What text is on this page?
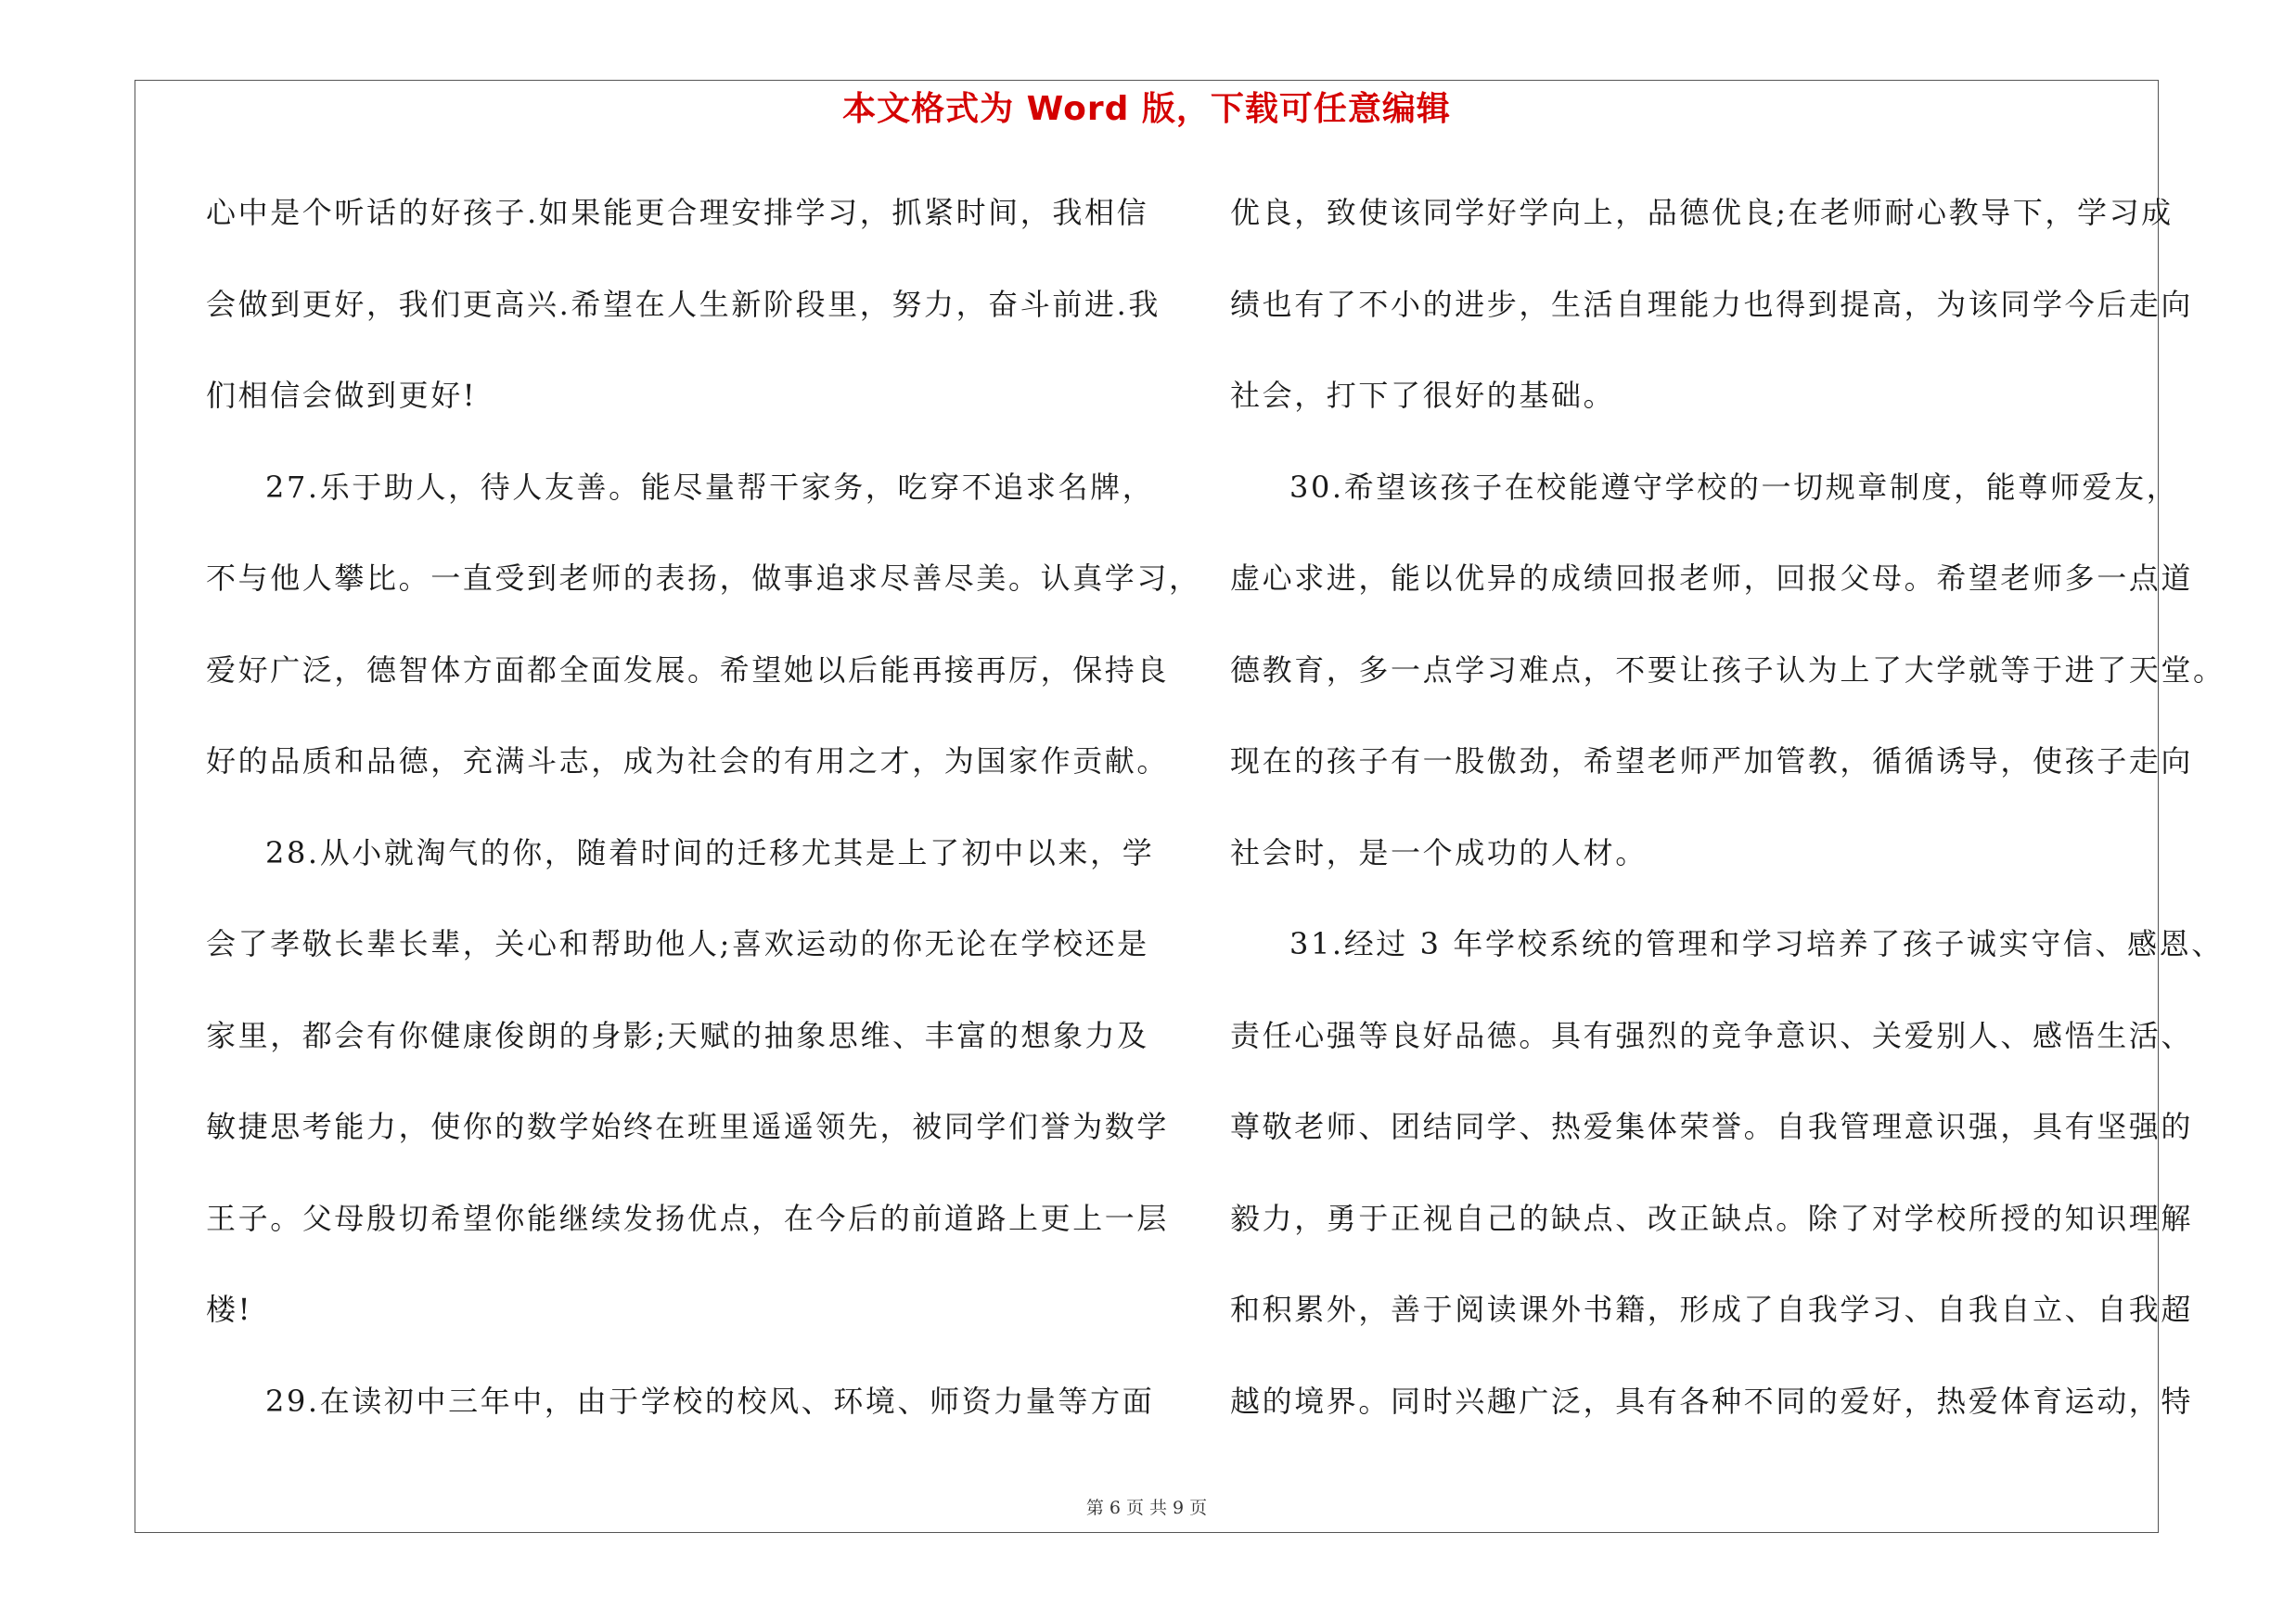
本文格式为 Word 版，下载可任意编辑
心中是个听话的好孩子.如果能更合理安排学习，抓紧时间，我相信
会做到更好，我们更高兴.希望在人生新阶段里，努力，奋斗前进.我
们相信会做到更好!
27.乐于助人，待人友善。能尽量帮干家务，吃穿不追求名牌，
不与他人攀比。一直受到老师的表扬，做事追求尽善尽美。认真学习，
爱好广泛，德智体方面都全面发展。希望她以后能再接再厉，保持良
好的品质和品德，充满斗志，成为社会的有用之才，为国家作贡献。
28.从小就淘气的你，随着时间的迁移尤其是上了初中以来，学
会了孝敬长辈长辈，关心和帮助他人;喜欢运动的你无论在学校还是
家里，都会有你健康俊朗的身影;天赋的抽象思维、丰富的想象力及
敏捷思考能力，使你的数学始终在班里遥遥领先，被同学们誉为数学
王子。父母殷切希望你能继续发扬优点，在今后的前道路上更上一层
楼!
29.在读初中三年中，由于学校的校风、环境、师资力量等方面
优良，致使该同学好学向上，品德优良;在老师耐心教导下，学习成
绩也有了不小的进步，生活自理能力也得到提高，为该同学今后走向
社会，打下了很好的基础。
30.希望该孩子在校能遵守学校的一切规章制度，能尊师爱友，
虚心求进，能以优异的成绩回报老师，回报父母。希望老师多一点道
德教育，多一点学习难点，不要让孩子认为上了大学就等于进了天堂。
现在的孩子有一股傲劲，希望老师严加管教，循循诱导，使孩子走向
社会时，是一个成功的人材。
31.经过 3 年学校系统的管理和学习培养了孩子诚实守信、感恩、
责任心强等良好品德。具有强烈的竞争意识、关爱别人、感悟生活、
尊敬老师、团结同学、热爱集体荣誉。自我管理意识强，具有坚强的
毅力，勇于正视自己的缺点、改正缺点。除了对学校所授的知识理解
和积累外，善于阅读课外书籍，形成了自我学习、自我自立、自我超
越的境界。同时兴趣广泛，具有各种不同的爱好，热爱体育运动，特
第 6 页 共 9 页
